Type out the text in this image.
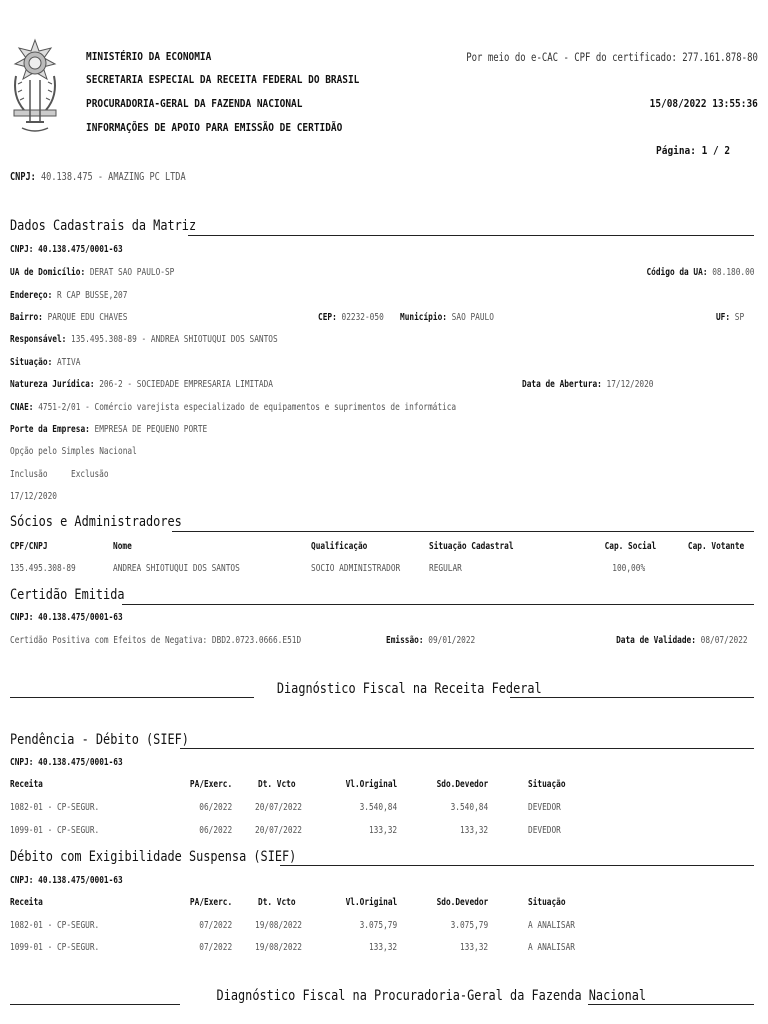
MINISTÉRIO DA ECONOMIA
SECRETARIA ESPECIAL DA RECEITA FEDERAL DO BRASIL
PROCURADORIA-GERAL DA FAZENDA NACIONAL
INFORMAÇÕES DE APOIO PARA EMISSÃO DE CERTIDÃO
Por meio do e-CAC - CPF do certificado: 277.161.878-80
15/08/2022 13:55:36
Página: 1 / 2
CNPJ: 40.138.475 - AMAZING PC LTDA
Dados Cadastrais da Matriz
CNPJ: 40.138.475/0001-63
UA de Domicílio: DERAT SAO PAULO-SP	Código da UA: 08.180.00
Endereço: R CAP BUSSE,207
Bairro: PARQUE EDU CHAVES	CEP: 02232-050 Município: SAO PAULO	UF: SP
Responsável: 135.495.308-89 - ANDREA SHIOTUQUI DOS SANTOS
Situação: ATIVA
Natureza Jurídica: 206-2 - SOCIEDADE EMPRESARIA LIMITADA	Data de Abertura: 17/12/2020
CNAE: 4751-2/01 - Comércio varejista especializado de equipamentos e suprimentos de informática
Porte da Empresa: EMPRESA DE PEQUENO PORTE
Opção pelo Simples Nacional
Inclusão Exclusão
17/12/2020
Sócios e Administradores
CPF/CNPJ	Nome	Qualificação	Situação Cadastral	Cap. Social	Cap. Votante
135.495.308-89	ANDREA SHIOTUQUI DOS SANTOS	SOCIO ADMINISTRADOR	REGULAR	100,00%
Certidão Emitida
CNPJ: 40.138.475/0001-63
Certidão Positiva com Efeitos de Negativa: DBD2.0723.0666.E51D	Emissão: 09/01/2022	Data de Validade: 08/07/2022
Diagnóstico Fiscal na Receita Federal
Pendência - Débito (SIEF)
CNPJ: 40.138.475/0001-63
Receita	PA/Exerc.	Dt. Vcto	Vl.Original	Sdo.Devedor	Situação
1082-01 - CP-SEGUR.	06/2022 20/07/2022	3.540,84	3.540,84	DEVEDOR
1099-01 - CP-SEGUR.	06/2022 20/07/2022	133,32	133,32	DEVEDOR
Débito com Exigibilidade Suspensa (SIEF)
CNPJ: 40.138.475/0001-63
Receita	PA/Exerc.	Dt. Vcto	Vl.Original	Sdo.Devedor	Situação
1082-01 - CP-SEGUR.	07/2022 19/08/2022	3.075,79	3.075,79	A ANALISAR
1099-01 - CP-SEGUR.	07/2022 19/08/2022	133,32	133,32	A ANALISAR
Diagnóstico Fiscal na Procuradoria-Geral da Fazenda Nacional
